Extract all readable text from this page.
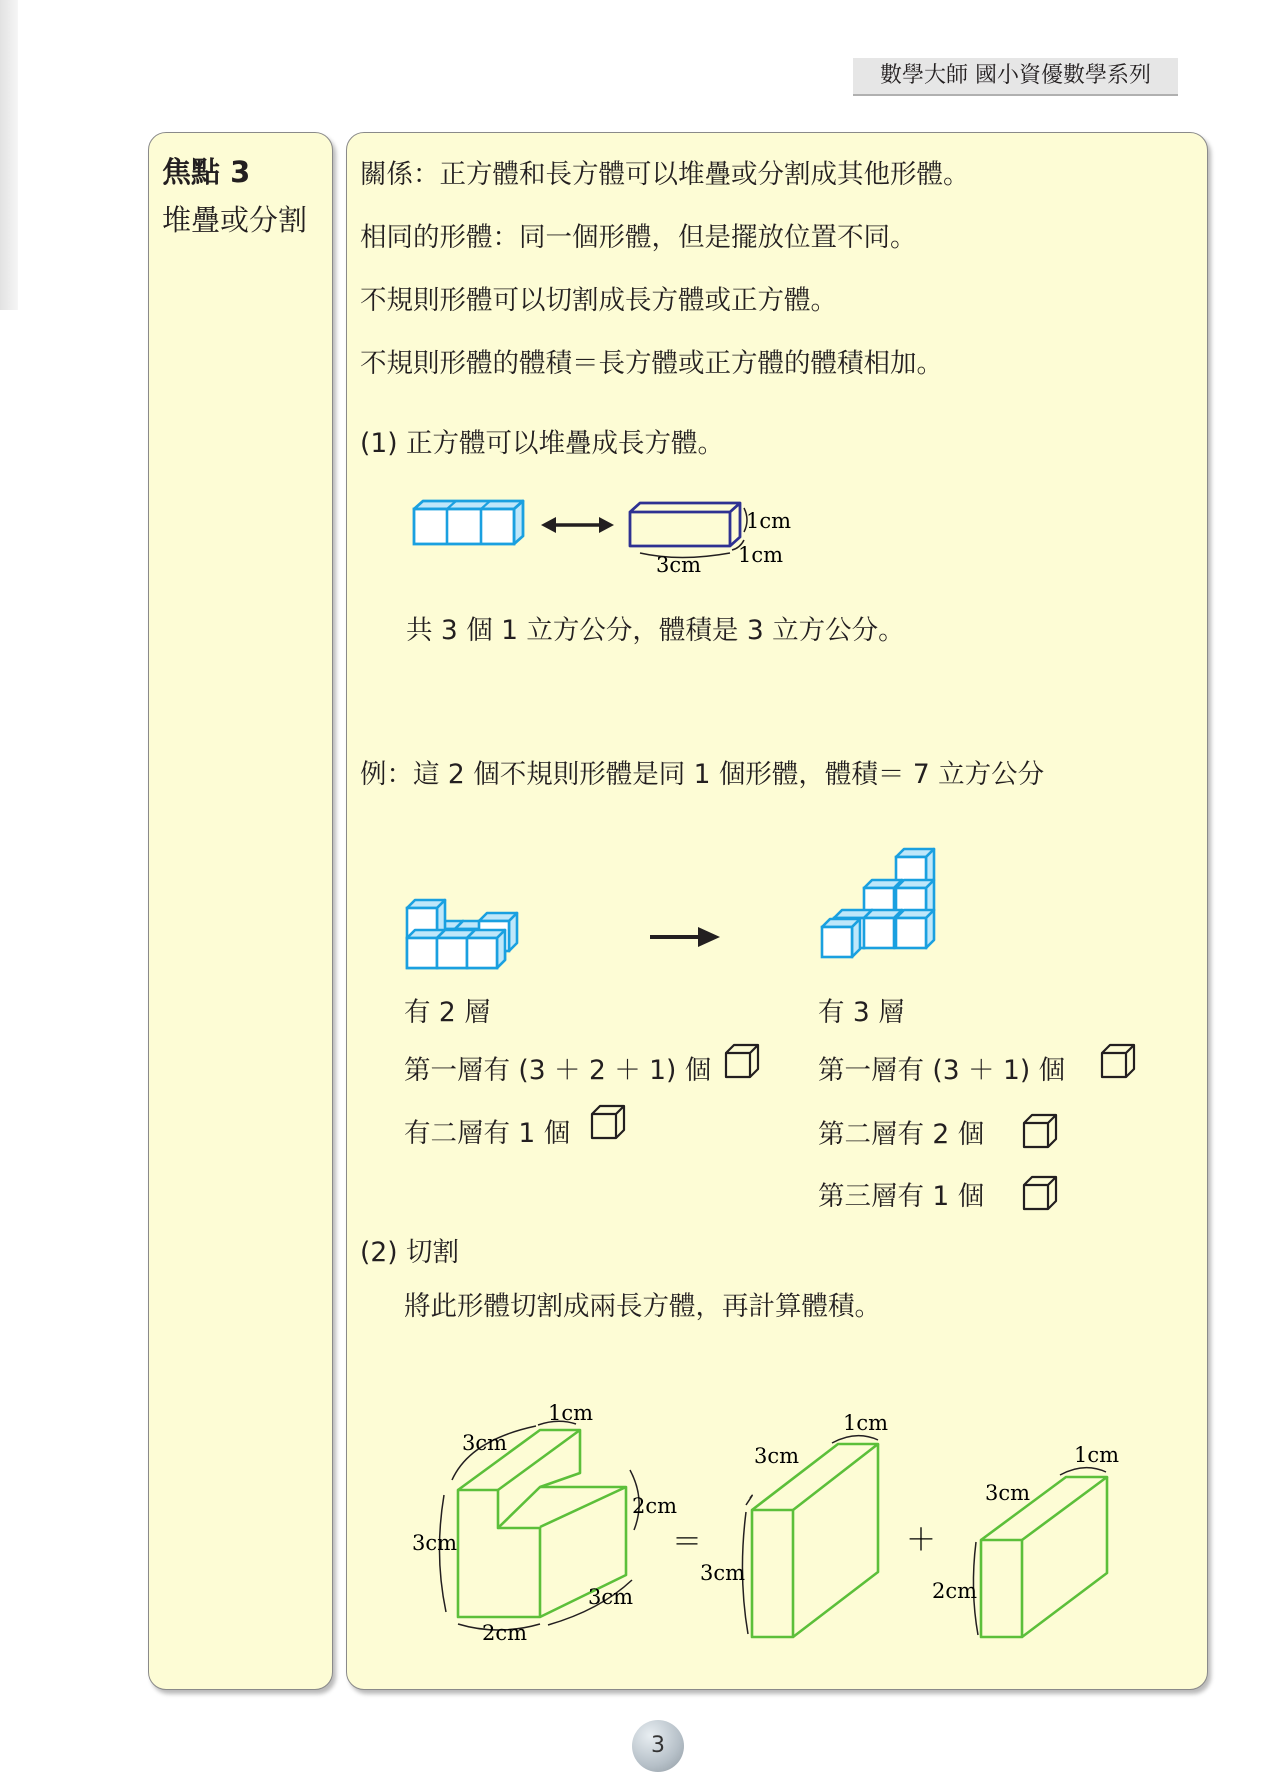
數學大師 國小資優數學系列
焦點 3
堆疊或分割
關係：正方體和長方體可以堆疊或分割成其他形體。
相同的形體：同一個形體，但是擺放位置不同。
不規則形體可以切割成長方體或正方體。
不規則形體的體積＝長方體或正方體的體積相加。
(1) 正方體可以堆疊成長方體。
共 3 個 1 立方公分，體積是 3 立方公分。
例：這 2 個不規則形體是同 1 個形體，體積＝ 7 立方公分
有 2 層
第一層有 (3 ＋ 2 ＋ 1) 個
有二層有 1 個
有 3 層
第一層有 (3 ＋ 1) 個
第二層有 2 個
第三層有 1 個
(2) 切割
將此形體切割成兩長方體，再計算體積。
1cm
1cm
3cm
1cm
3cm
2cm
3cm
3cm
2cm
＝
1cm
3cm
3cm
＋
1cm
3cm
2cm
3
